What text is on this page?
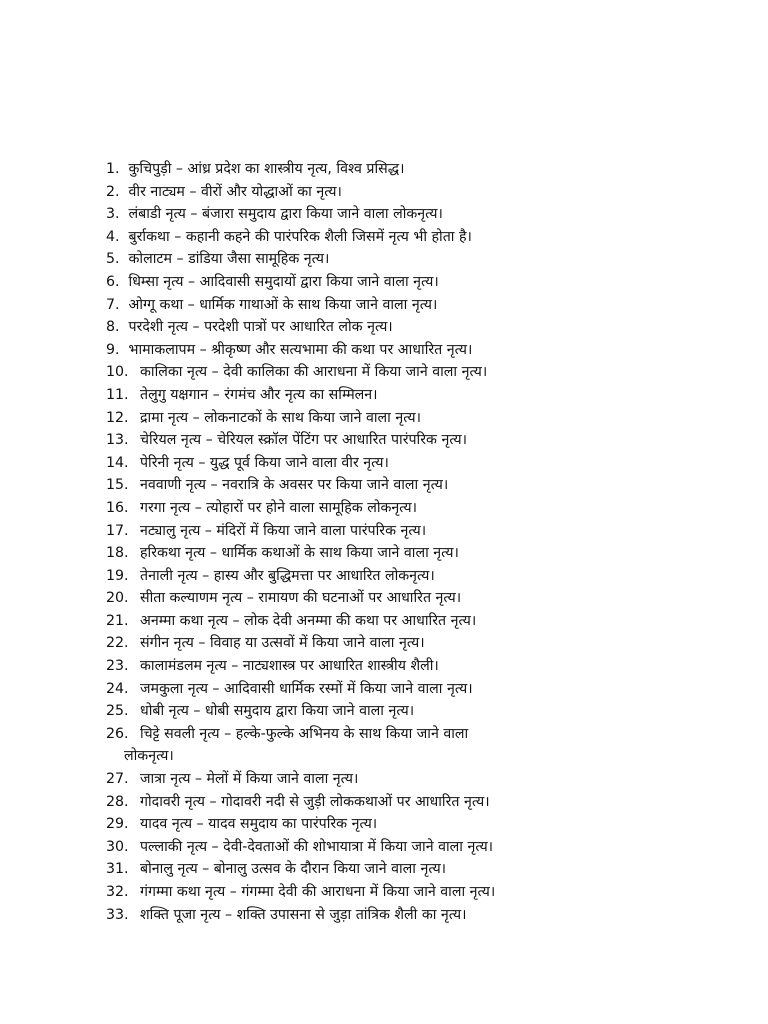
1. कुचिपुड़ी – आंध्र प्रदेश का शास्त्रीय नृत्य, विश्व प्रसिद्ध।
2. वीर नाट्यम – वीरों और योद्धाओं का नृत्य।
3. लंबाडी नृत्य – बंजारा समुदाय द्वारा किया जाने वाला लोकनृत्य।
4. बुर्राकथा – कहानी कहने की पारंपरिक शैली जिसमें नृत्य भी होता है।
5. कोलाटम – डांडिया जैसा सामूहिक नृत्य।
6. धिम्सा नृत्य – आदिवासी समुदायों द्वारा किया जाने वाला नृत्य।
7. ओग्गू कथा – धार्मिक गाथाओं के साथ किया जाने वाला नृत्य।
8. परदेशी नृत्य – परदेशी पात्रों पर आधारित लोक नृत्य।
9. भामाकलापम – श्रीकृष्ण और सत्यभामा की कथा पर आधारित नृत्य।
10. कालिका नृत्य – देवी कालिका की आराधना में किया जाने वाला नृत्य।
11. तेलुगु यक्षगान – रंगमंच और नृत्य का सम्मिलन।
12. द्रामा नृत्य – लोकनाटकों के साथ किया जाने वाला नृत्य।
13. चेरियल नृत्य – चेरियल स्क्रॉल पेंटिंग पर आधारित पारंपरिक नृत्य।
14. पेरिनी नृत्य – युद्ध पूर्व किया जाने वाला वीर नृत्य।
15. नववाणी नृत्य – नवरात्रि के अवसर पर किया जाने वाला नृत्य।
16. गरगा नृत्य – त्योहारों पर होने वाला सामूहिक लोकनृत्य।
17. नट्यालु नृत्य – मंदिरों में किया जाने वाला पारंपरिक नृत्य।
18. हरिकथा नृत्य – धार्मिक कथाओं के साथ किया जाने वाला नृत्य।
19. तेनाली नृत्य – हास्य और बुद्धिमत्ता पर आधारित लोकनृत्य।
20. सीता कल्याणम नृत्य – रामायण की घटनाओं पर आधारित नृत्य।
21. अनम्मा कथा नृत्य – लोक देवी अनम्मा की कथा पर आधारित नृत्य।
22. संगीन नृत्य – विवाह या उत्सवों में किया जाने वाला नृत्य।
23. कालामंडलम नृत्य – नाट्यशास्त्र पर आधारित शास्त्रीय शैली।
24. जमकुला नृत्य – आदिवासी धार्मिक रस्मों में किया जाने वाला नृत्य।
25. धोबी नृत्य – धोबी समुदाय द्वारा किया जाने वाला नृत्य।
26. चिट्टे सवली नृत्य – हल्के-फुल्के अभिनय के साथ किया जाने वाला
लोकनृत्य।
27. जात्रा नृत्य – मेलों में किया जाने वाला नृत्य।
28. गोदावरी नृत्य – गोदावरी नदी से जुड़ी लोककथाओं पर आधारित नृत्य।
29. यादव नृत्य – यादव समुदाय का पारंपरिक नृत्य।
30. पल्लाकी नृत्य – देवी-देवताओं की शोभायात्रा में किया जाने वाला नृत्य।
31. बोनालु नृत्य – बोनालु उत्सव के दौरान किया जाने वाला नृत्य।
32. गंगम्मा कथा नृत्य – गंगम्मा देवी की आराधना में किया जाने वाला नृत्य।
33. शक्ति पूजा नृत्य – शक्ति उपासना से जुड़ा तांत्रिक शैली का नृत्य।
